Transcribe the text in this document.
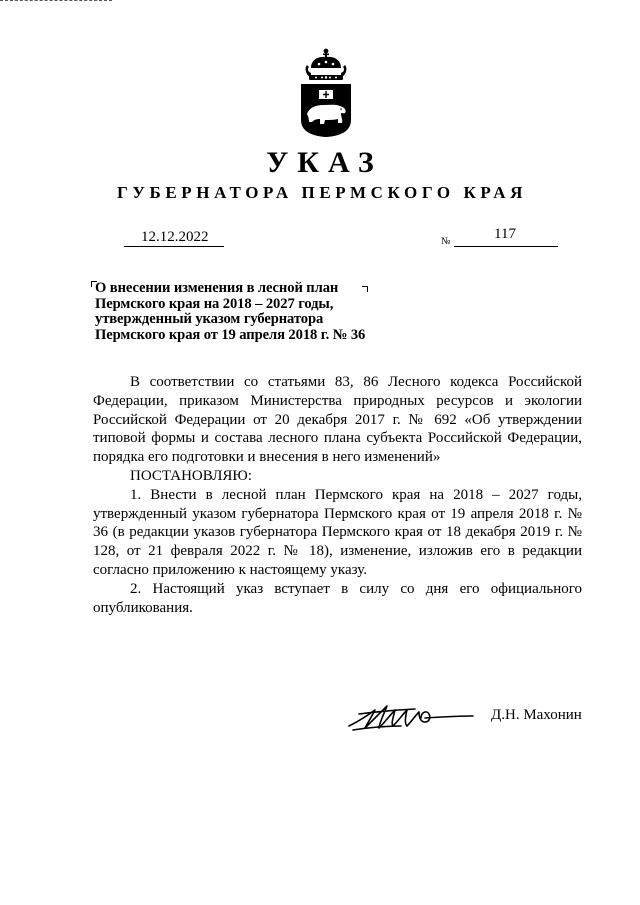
УКАЗ
ГУБЕРНАТОРА ПЕРМСКОГО КРАЯ
12.12.2022	№	117
О внесении изменения в лесной план
Пермского края на 2018 – 2027 годы,
утвержденный указом губернатора
Пермского края от 19 апреля 2018 г. № 36

В соответствии со статьями 83, 86 Лесного кодекса Российской Федерации, приказом Министерства природных ресурсов и экологии Российской Федерации от 20 декабря 2017 г. № 692 «Об утверждении типовой формы и состава лесного плана субъекта Российской Федерации, порядка его подготовки и внесения в него изменений»

ПОСТАНОВЛЯЮ:

1. Внести в лесной план Пермского края на 2018 – 2027 годы, утвержденный указом губернатора Пермского края от 19 апреля 2018 г. № 36 (в редакции указов губернатора Пермского края от 18 декабря 2019 г. № 128, от 21 февраля 2022 г. № 18), изменение, изложив его в редакции согласно приложению к настоящему указу.

2. Настоящий указ вступает в силу со дня его официального опубликования.

Д.Н. Махонин
